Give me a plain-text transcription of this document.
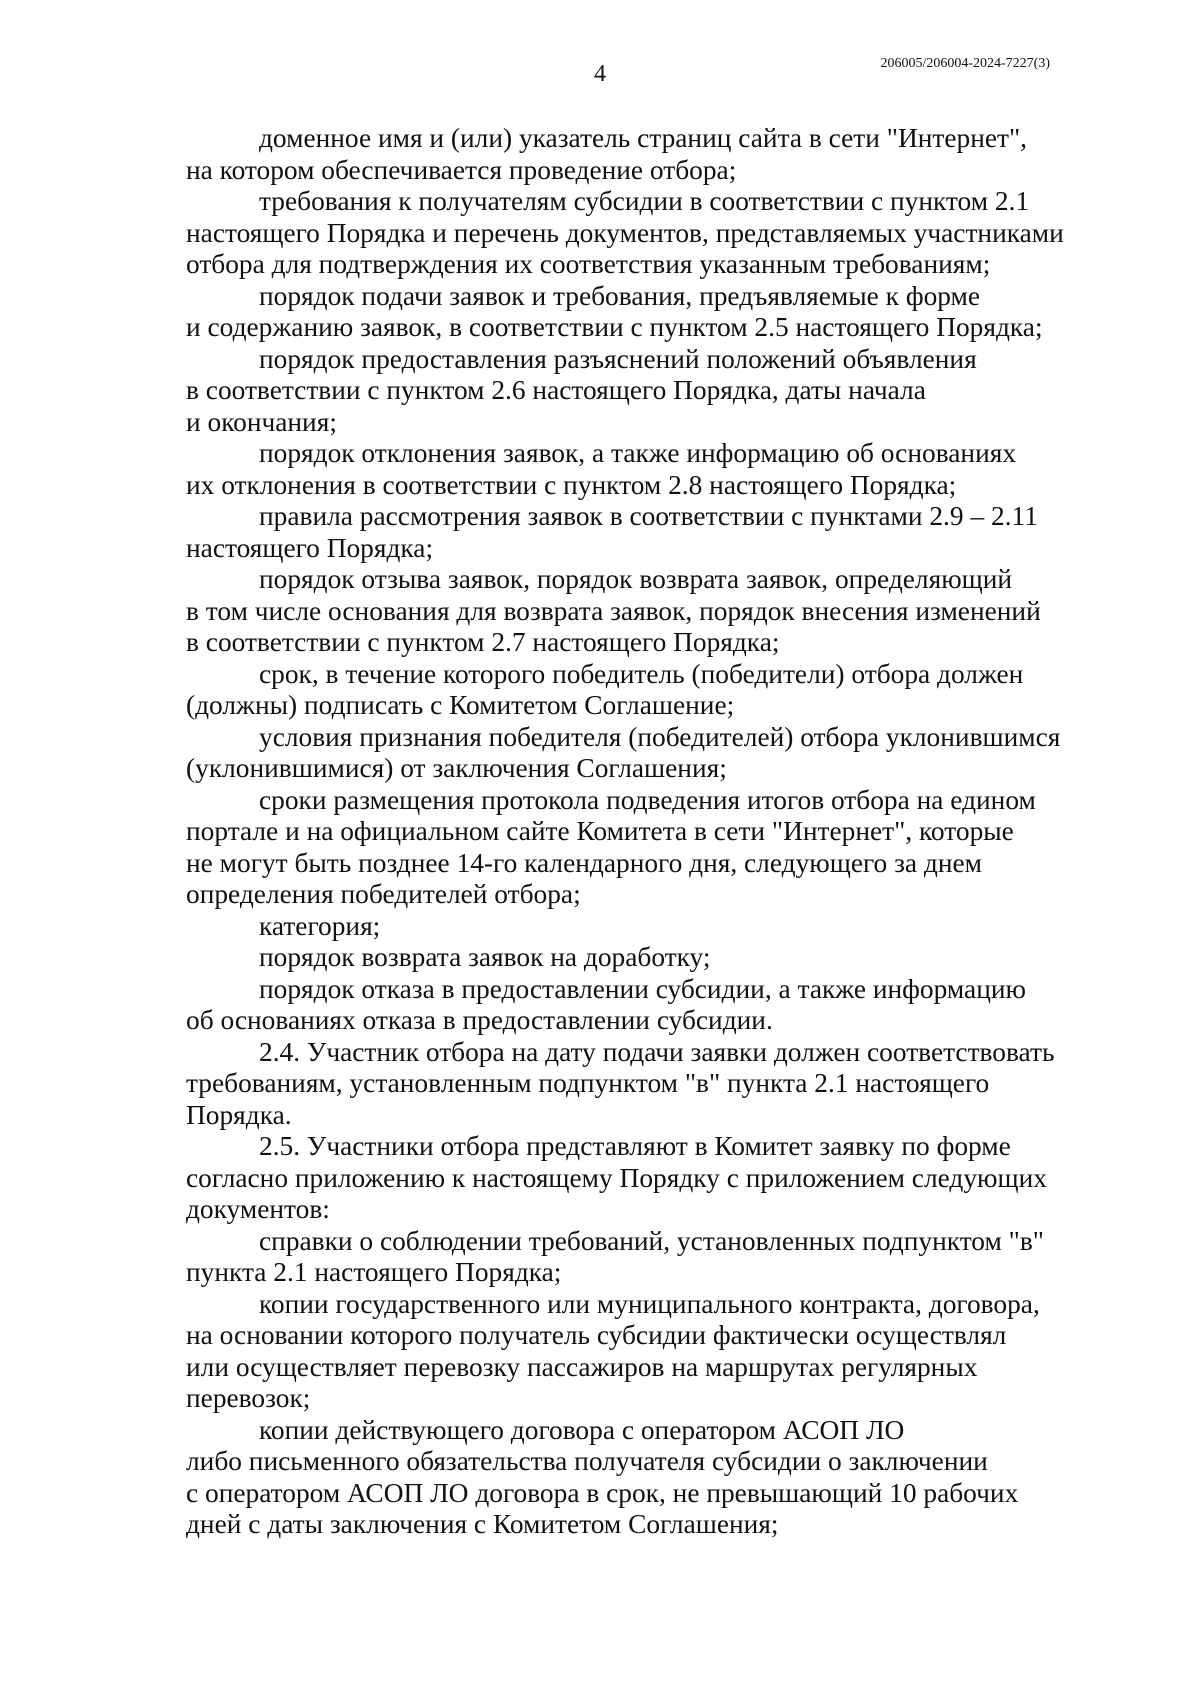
4	206005/206004-2024-7227(3)

доменное имя и (или) указатель страниц сайта в сети "Интернет",
на котором обеспечивается проведение отбора;

требования к получателям субсидии в соответствии с пунктом 2.1
настоящего Порядка и перечень документов, представляемых участниками
отбора для подтверждения их соответствия указанным требованиям;

порядок подачи заявок и требования, предъявляемые к форме
и содержанию заявок, в соответствии с пунктом 2.5 настоящего Порядка;

порядок предоставления разъяснений положений объявления
в соответствии с пунктом 2.6 настоящего Порядка, даты начала
и окончания;

порядок отклонения заявок, а также информацию об основаниях
их отклонения в соответствии с пунктом 2.8 настоящего Порядка;

правила рассмотрения заявок в соответствии с пунктами 2.9 – 2.11
настоящего Порядка;

порядок отзыва заявок, порядок возврата заявок, определяющий
в том числе основания для возврата заявок, порядок внесения изменений
в соответствии с пунктом 2.7 настоящего Порядка;

срок, в течение которого победитель (победители) отбора должен
(должны) подписать с Комитетом Соглашение;

условия признания победителя (победителей) отбора уклонившимся
(уклонившимися) от заключения Соглашения;

сроки размещения протокола подведения итогов отбора на едином
портале и на официальном сайте Комитета в сети "Интернет", которые
не могут быть позднее 14-го календарного дня, следующего за днем
определения победителей отбора;

категория;

порядок возврата заявок на доработку;

порядок отказа в предоставлении субсидии, а также информацию
об основаниях отказа в предоставлении субсидии.

2.4. Участник отбора на дату подачи заявки должен соответствовать
требованиям, установленным подпунктом "в" пункта 2.1 настоящего
Порядка.

2.5. Участники отбора представляют в Комитет заявку по форме
согласно приложению к настоящему Порядку с приложением следующих
документов:

справки о соблюдении требований, установленных подпунктом "в"
пункта 2.1 настоящего Порядка;

копии государственного или муниципального контракта, договора,
на основании которого получатель субсидии фактически осуществлял
или осуществляет перевозку пассажиров на маршрутах регулярных
перевозок;

копии действующего договора с оператором АСОП ЛО
либо письменного обязательства получателя субсидии о заключении
с оператором АСОП ЛО договора в срок, не превышающий 10 рабочих
дней с даты заключения с Комитетом Соглашения;
